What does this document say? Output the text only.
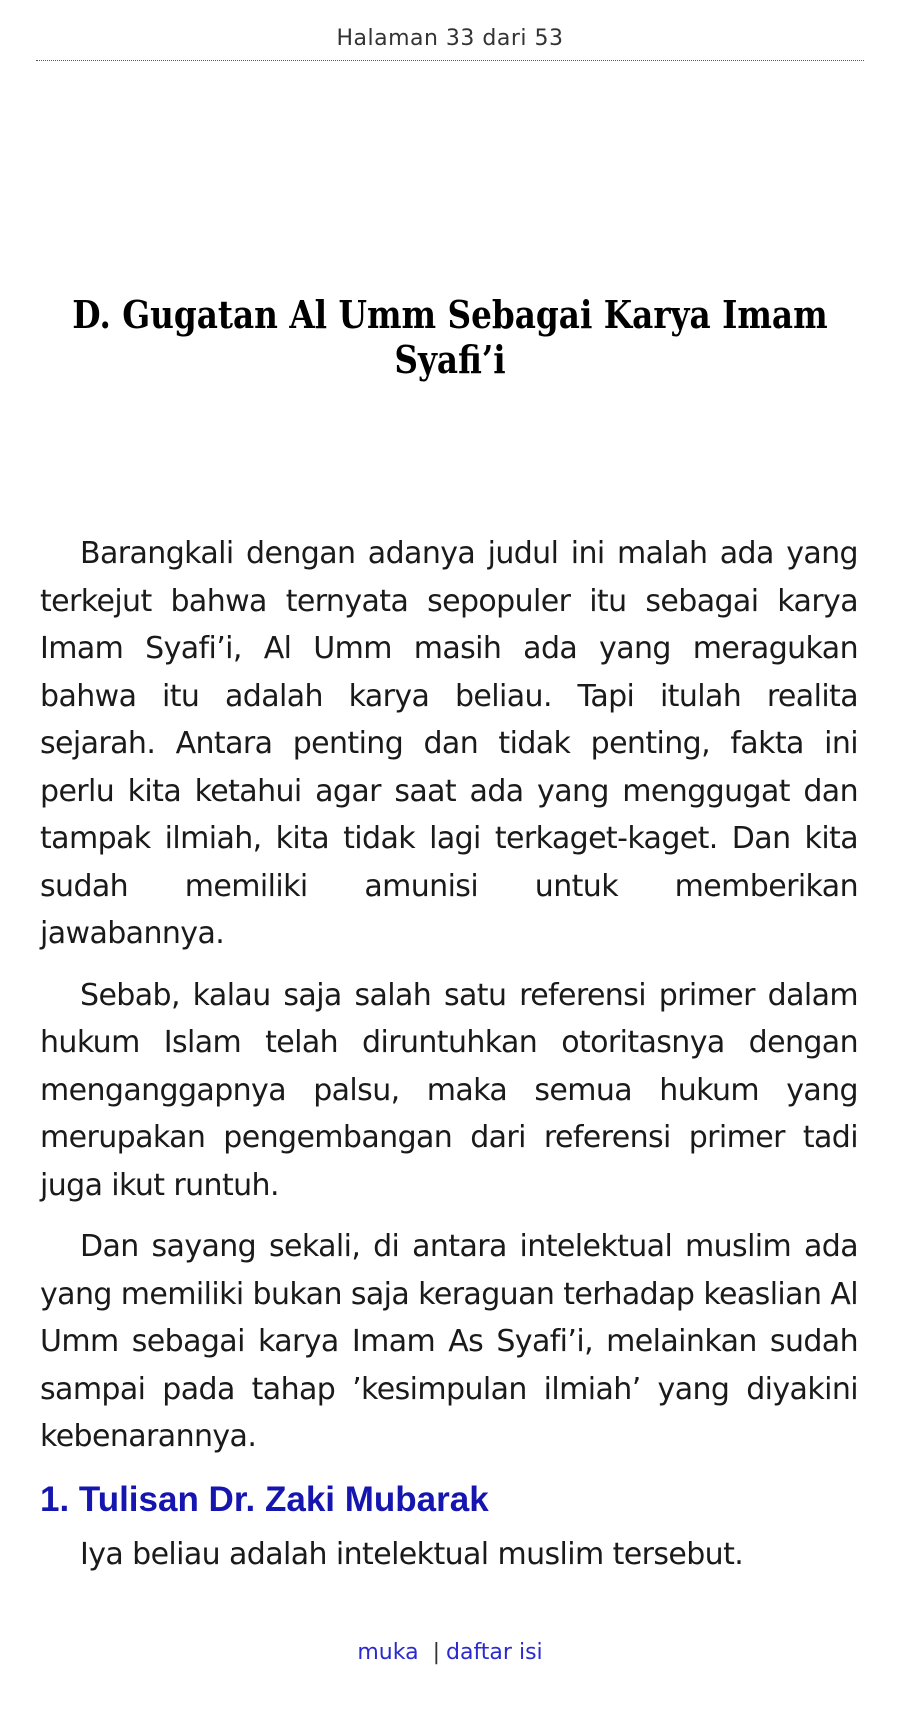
Halaman 33 dari 53
D. Gugatan Al Umm Sebagai Karya Imam Syafi’i

Barangkali dengan adanya judul ini malah ada yang terkejut bahwa ternyata sepopuler itu sebagai karya Imam Syafi’i, Al Umm masih ada yang meragukan bahwa itu adalah karya beliau. Tapi itulah realita sejarah. Antara penting dan tidak penting, fakta ini perlu kita ketahui agar saat ada yang menggugat dan tampak ilmiah, kita tidak lagi terkaget-kaget. Dan kita sudah memiliki amunisi untuk memberikan jawabannya.

Sebab, kalau saja salah satu referensi primer dalam hukum Islam telah diruntuhkan otoritasnya dengan menganggapnya palsu, maka semua hukum yang merupakan pengembangan dari referensi primer tadi juga ikut runtuh.

Dan sayang sekali, di antara intelektual muslim ada yang memiliki bukan saja keraguan terhadap keaslian Al Umm sebagai karya Imam As Syafi’i, melainkan sudah sampai pada tahap ’kesimpulan ilmiah’ yang diyakini kebenarannya.

1. Tulisan Dr. Zaki Mubarak

Iya beliau adalah intelektual muslim tersebut.

muka | daftar isi
